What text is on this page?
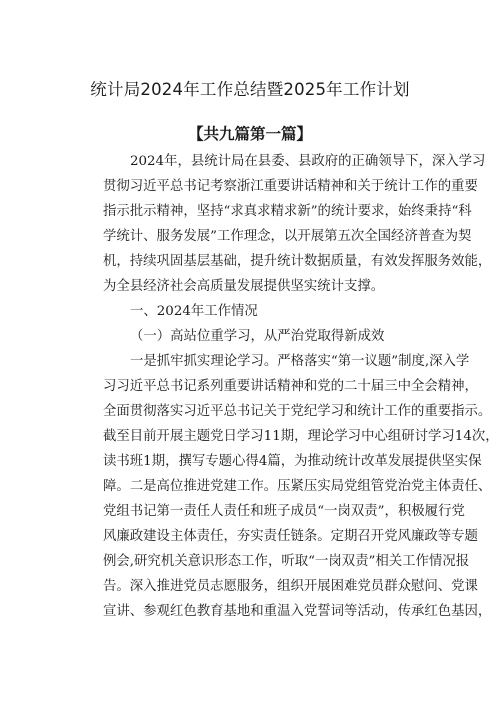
统计局2024年工作总结暨2025年工作计划
【共九篇第一篇】
2024年，县统计局在县委、县政府的正确领导下，深入学习
贯彻习近平总书记考察浙江重要讲话精神和关于统计工作的重要
指示批示精神，坚持“求真求精求新”的统计要求，始终秉持“科
学统计、服务发展”工作理念，以开展第五次全国经济普查为契
机，持续巩固基层基础，提升统计数据质量，有效发挥服务效能，
为全县经济社会高质量发展提供坚实统计支撑。
一、2024年工作情况
（一）高站位重学习，从严治党取得新成效
一是抓牢抓实理论学习。严格落实“第一议题”制度,深入学
习习近平总书记系列重要讲话精神和党的二十届三中全会精神，
全面贯彻落实习近平总书记关于党纪学习和统计工作的重要指示。
截至目前开展主题党日学习11期，理论学习中心组研讨学习14次，
读书班1期，撰写专题心得4篇，为推动统计改革发展提供坚实保
障。二是高位推进党建工作。压紧压实局党组管党治党主体责任、
党组书记第一责任人责任和班子成员“一岗双责”，积极履行党
风廉政建设主体责任，夯实责任链条。定期召开党风廉政等专题
例会,研究机关意识形态工作，听取“一岗双责”相关工作情况报
告。深入推进党员志愿服务，组织开展困难党员群众慰问、党课
宣讲、参观红色教育基地和重温入党誓词等活动，传承红色基因，
